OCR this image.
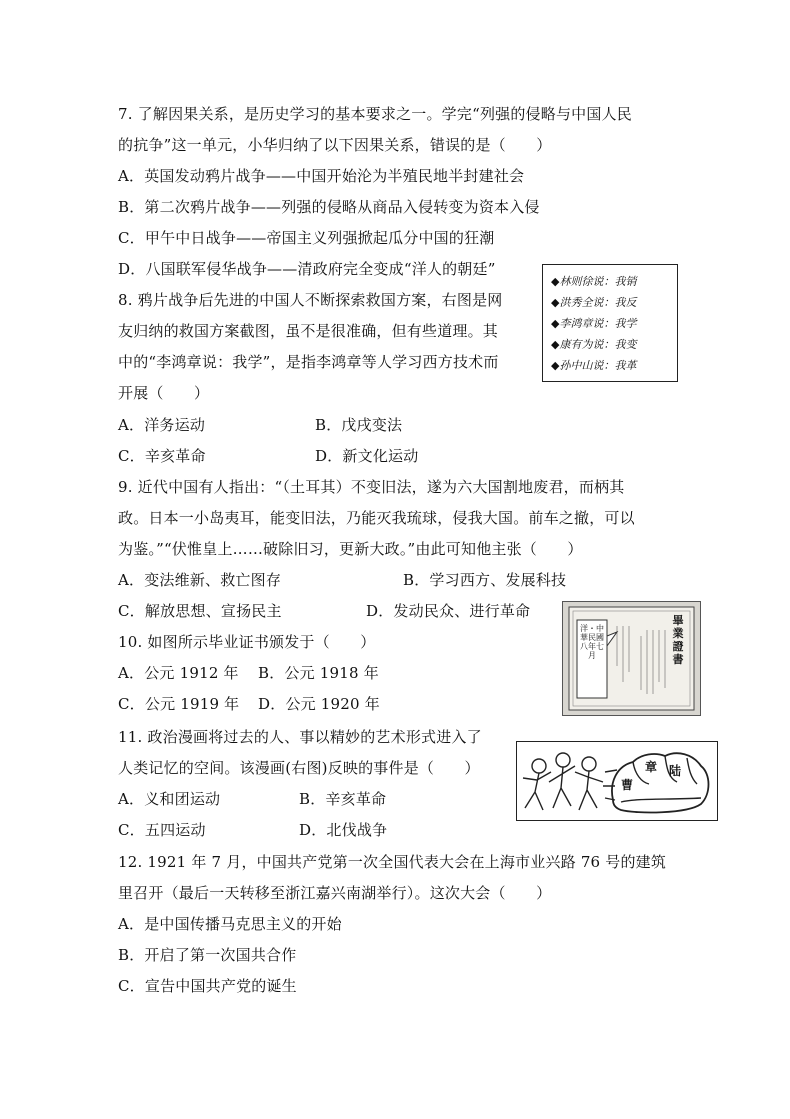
7. 了解因果关系，是历史学习的基本要求之一。学完“列强的侵略与中国人民
的抗争”这一单元，小华归纳了以下因果关系，错误的是（　　）
A．英国发动鸦片战争——中国开始沦为半殖民地半封建社会
B．第二次鸦片战争——列强的侵略从商品入侵转变为资本入侵
C．甲午中日战争——帝国主义列强掀起瓜分中国的狂潮
D．八国联军侵华战争——清政府完全变成“洋人的朝廷”
8. 鸦片战争后先进的中国人不断探索救国方案，右图是网
友归纳的救国方案截图，虽不是很准确，但有些道理。其
中的“李鸿章说：我学”，是指李鸿章等人学习西方技术而
开展（　　）
A．洋务运动	B．戊戌变法
C．辛亥革命	D．新文化运动
◆林则徐说：我销
◆洪秀全说：我反
◆李鸿章说：我学
◆康有为说：我变
◆孙中山说：我革
9. 近代中国有人指出：“（土耳其）不变旧法，遂为六大国割地废君，而柄其
政。日本一小岛夷耳，能变旧法，乃能灭我琉球，侵我大国。前车之撤，可以
为鉴。”“伏惟皇上……破除旧习，更新大政。”由此可知他主张（　　）
A．变法维新、救亡图存	B．学习西方、发展科技
C．解放思想、宣扬民主	D．发动民众、进行革命
畢業證書
洋・中華民國八年七月
10. 如图所示毕业证书颁发于（　　）
A．公元 1912 年 B．公元 1918 年
C．公元 1919 年 D．公元 1920 年
11. 政治漫画将过去的人、事以精妙的艺术形式进入了
人类记忆的空间。该漫画(右图)反映的事件是（　　）
A．义和团运动	B．辛亥革命
C．五四运动	D．北伐战争
曹
章 陆
12. 1921 年 7 月，中国共产党第一次全国代表大会在上海市业兴路 76 号的建筑
里召开（最后一天转移至浙江嘉兴南湖举行）。这次大会（　　）
A．是中国传播马克思主义的开始
B．开启了第一次国共合作
C．宣告中国共产党的诞生
